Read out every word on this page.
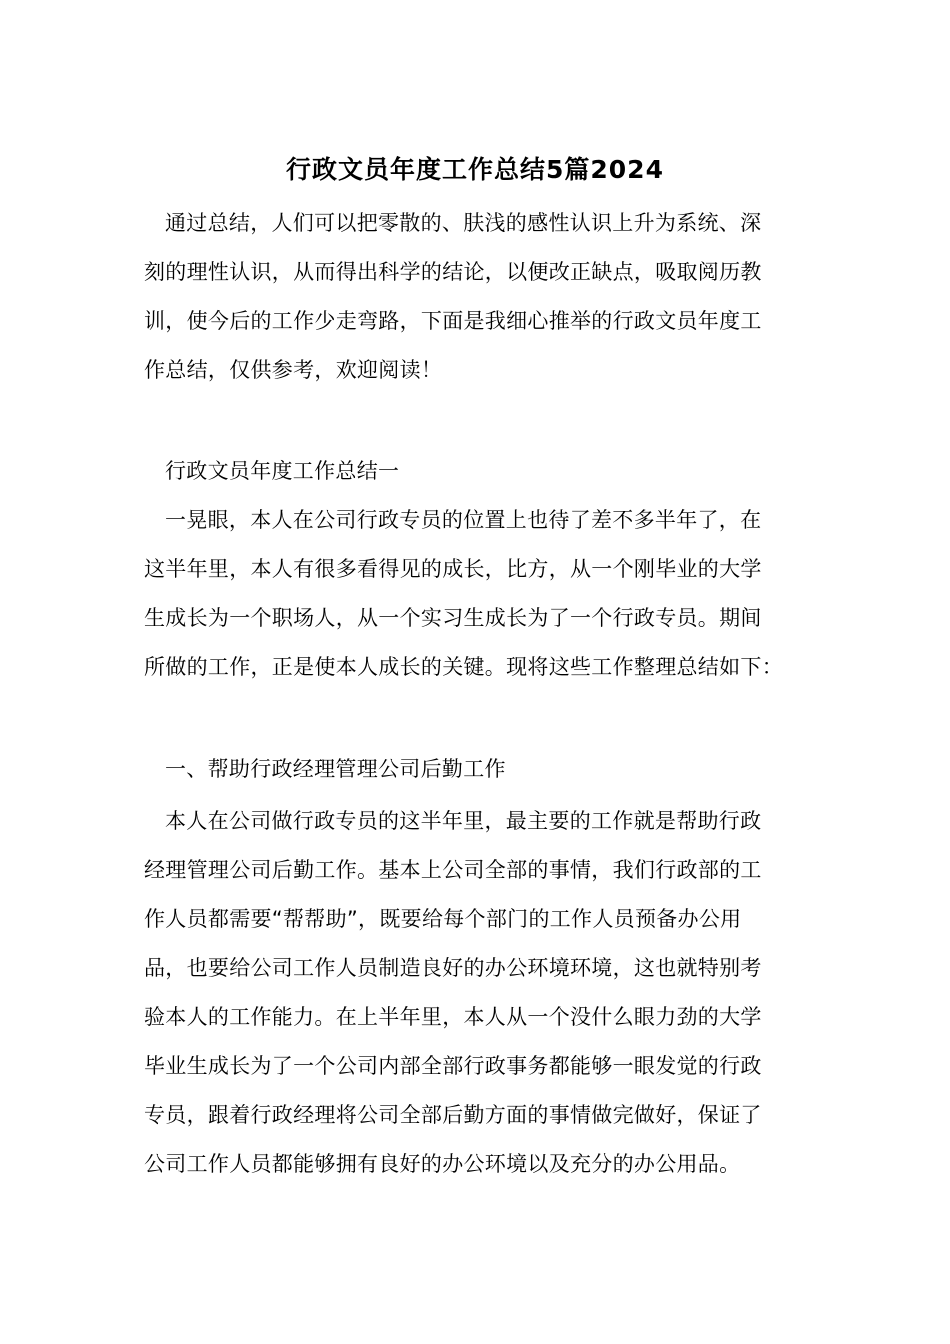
行政文员年度工作总结5篇2024
通过总结，人们可以把零散的、肤浅的感性认识上升为系统、深
刻的理性认识，从而得出科学的结论，以便改正缺点，吸取阅历教
训，使今后的工作少走弯路，下面是我细心推举的行政文员年度工
作总结，仅供参考，欢迎阅读！
行政文员年度工作总结一
一晃眼，本人在公司行政专员的位置上也待了差不多半年了，在
这半年里，本人有很多看得见的成长，比方，从一个刚毕业的大学
生成长为一个职场人，从一个实习生成长为了一个行政专员。期间
所做的工作，正是使本人成长的关键。现将这些工作整理总结如下：
一、帮助行政经理管理公司后勤工作
本人在公司做行政专员的这半年里，最主要的工作就是帮助行政
经理管理公司后勤工作。基本上公司全部的事情，我们行政部的工
作人员都需要“帮帮助”，既要给每个部门的工作人员预备办公用
品，也要给公司工作人员制造良好的办公环境环境，这也就特别考
验本人的工作能力。在上半年里，本人从一个没什么眼力劲的大学
毕业生成长为了一个公司内部全部行政事务都能够一眼发觉的行政
专员，跟着行政经理将公司全部后勤方面的事情做完做好，保证了
公司工作人员都能够拥有良好的办公环境以及充分的办公用品。
